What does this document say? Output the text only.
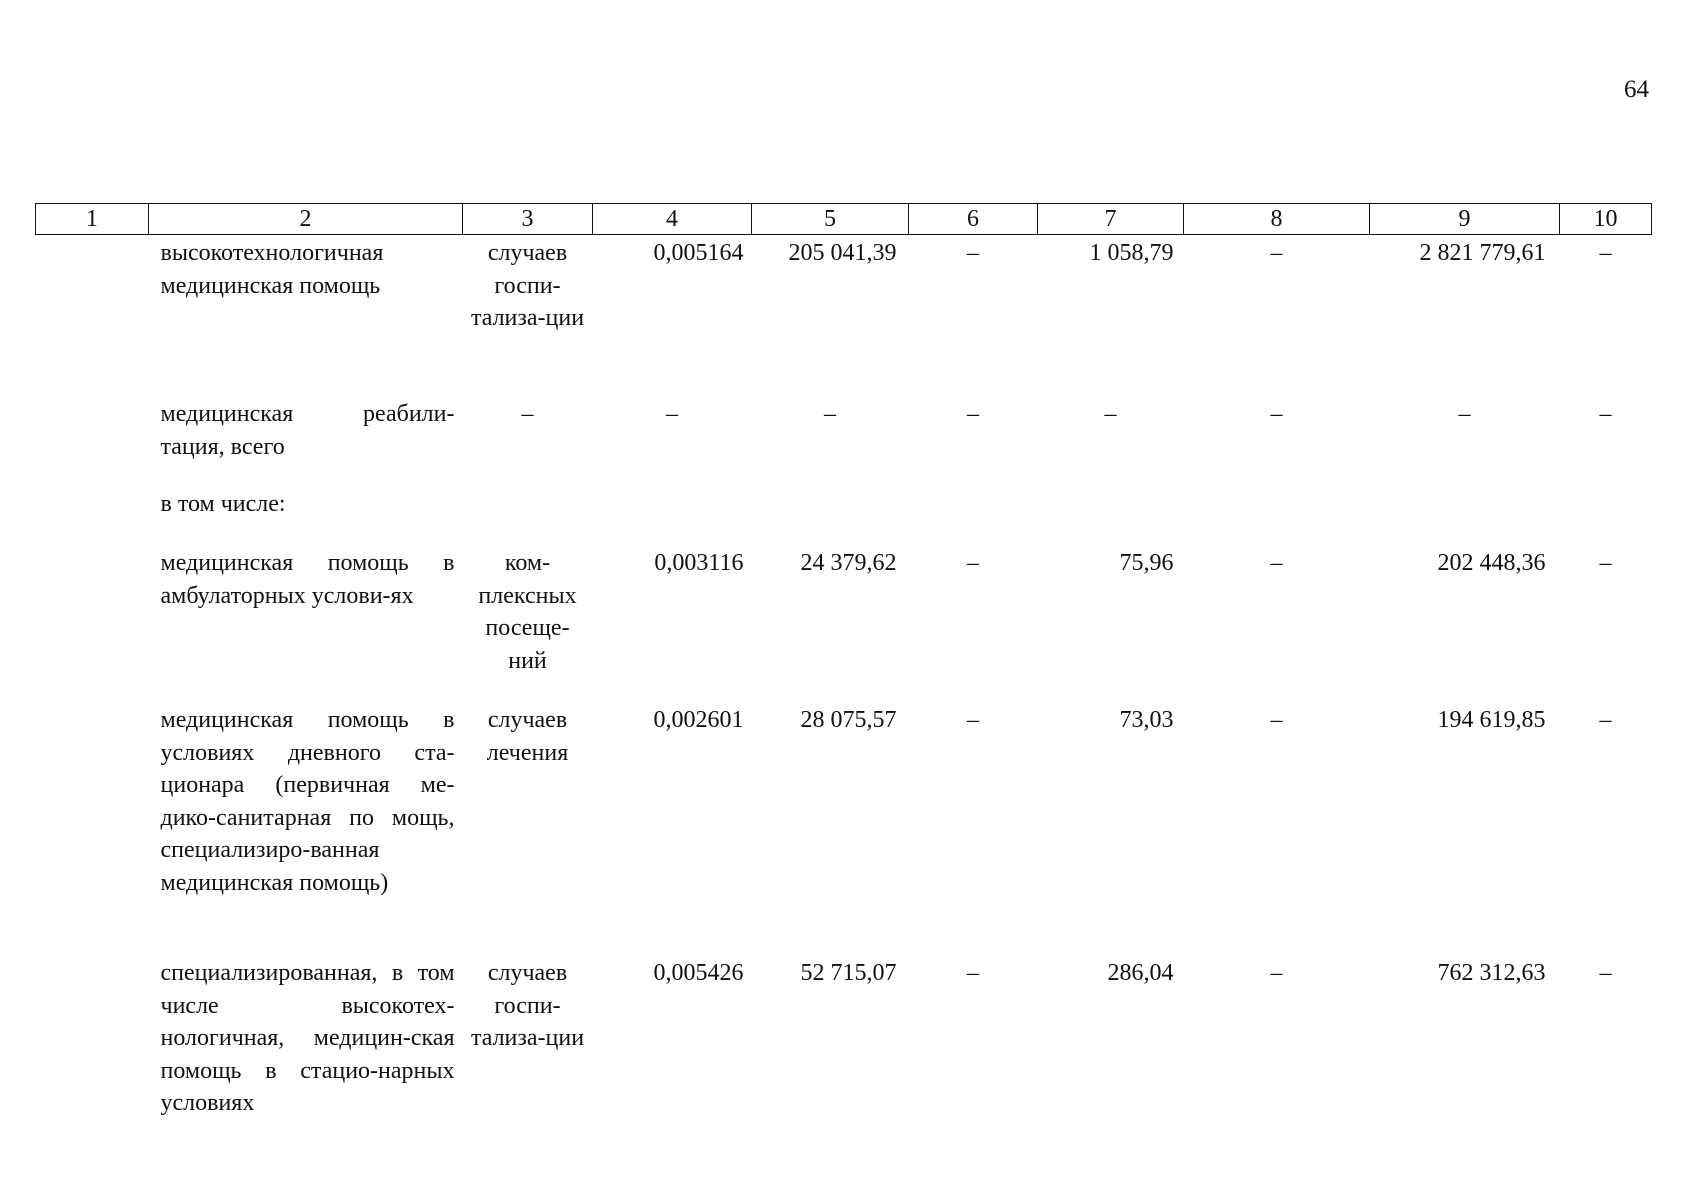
64
1	2	3	4	5	6	7	8	9	10
	высокотехнологичная медицинская помощь	случаев госпи-тализа-ции	0,005164	205 041,39	–	1 058,79	–	2 821 779,61	–
	медицинская реабили-тация, всего	–	–	–	–	–	–	–	–
	в том числе:								
	медицинская помощь в амбулаторных услови-ях	ком-плексных посеще-ний	0,003116	24 379,62	–	75,96	–	202 448,36	–
	медицинская помощь в условиях дневного ста-ционара (первичная ме-дико-санитарная по мощь, специализиро-ванная медицинская помощь)	случаев лечения	0,002601	28 075,57	–	73,03	–	194 619,85	–
	специализированная, в том числе высокотех-нологичная, медицин-ская помощь в стацио-нарных условиях	случаев госпи-тализа-ции	0,005426	52 715,07	–	286,04	–	762 312,63	–
